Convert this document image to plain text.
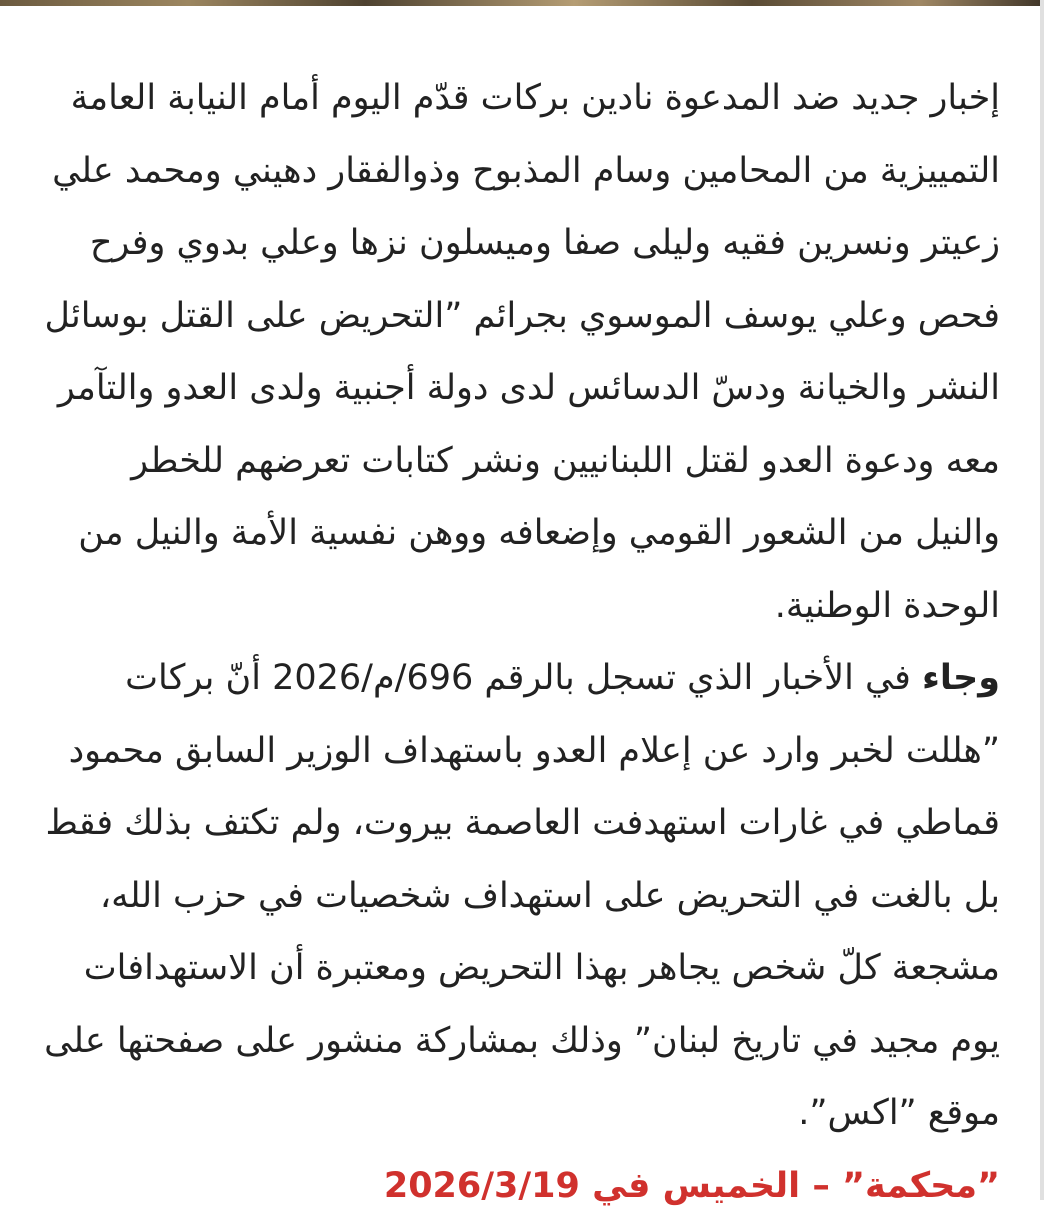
إخبار جديد ضد المدعوة نادين بركات قدّم اليوم أمام النيابة العامة التمييزية من المحامين وسام المذبوح وذوالفقار دهيني ومحمد علي زعيتر ونسرين فقيه وليلى صفا وميسلون نزها وعلي بدوي وفرح فحص وعلي يوسف الموسوي بجرائم ”التحريض على القتل بوسائل النشر والخيانة ودسّ الدسائس لدى دولة أجنبية ولدى العدو والتآمر معه ودعوة العدو لقتل اللبنانيين ونشر كتابات تعرضهم للخطر والنيل من الشعور القومي وإضعافه ووهن نفسية الأمة والنيل من الوحدة الوطنية.

وجاء في الأخبار الذي تسجل بالرقم 696/م/2026 أنّ بركات ”هللت لخبر وارد عن إعلام العدو باستهداف الوزير السابق محمود قماطي في غارات استهدفت العاصمة بيروت، ولم تكتف بذلك فقط بل بالغت في التحريض على استهداف شخصيات في حزب الله، مشجعة كلّ شخص يجاهر بهذا التحريض ومعتبرة أن الاستهدافات يوم مجيد في تاريخ لبنان” وذلك بمشاركة منشور على صفحتها على موقع ”اكس”.

”محكمة” – الخميس في 2026/3/19
